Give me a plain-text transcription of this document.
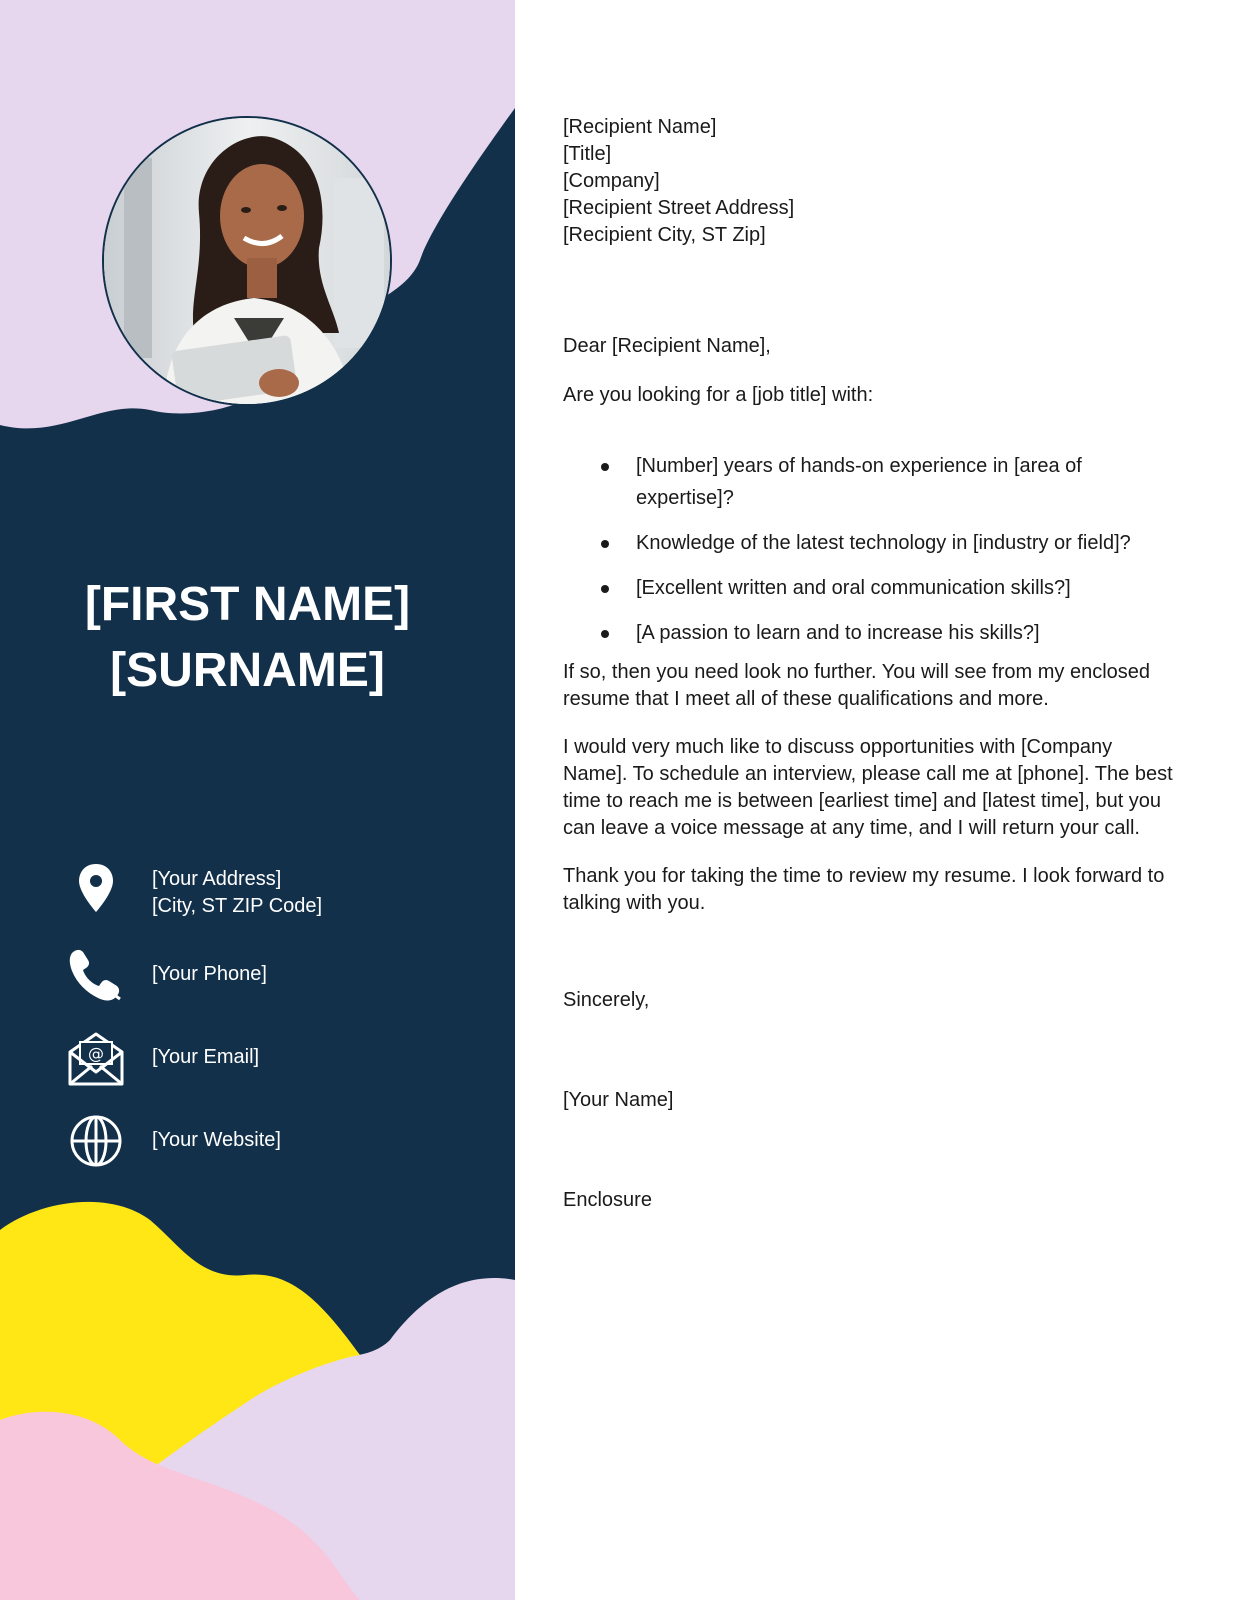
[FIRST NAME]
[SURNAME]
[Your Address]
[City, ST ZIP Code]
[Your Phone]
@ [Your Email]
[Your Website]
[Recipient Name]
[Title]
[Company]
[Recipient Street Address]
[Recipient City, ST Zip]

Dear [Recipient Name],

Are you looking for a [job title] with:

[Number] years of hands-on experience in [area of expertise]?
Knowledge of the latest technology in [industry or field]?
[Excellent written and oral communication skills?]
[A passion to learn and to increase his skills?]

If so, then you need look no further. You will see from my enclosed resume that I meet all of these qualifications and more.

I would very much like to discuss opportunities with [Company Name]. To schedule an interview, please call me at [phone]. The best time to reach me is between [earliest time] and [latest time], but you can leave a voice message at any time, and I will return your call.

Thank you for taking the time to review my resume. I look forward to talking with you.

Sincerely,

[Your Name]

Enclosure
